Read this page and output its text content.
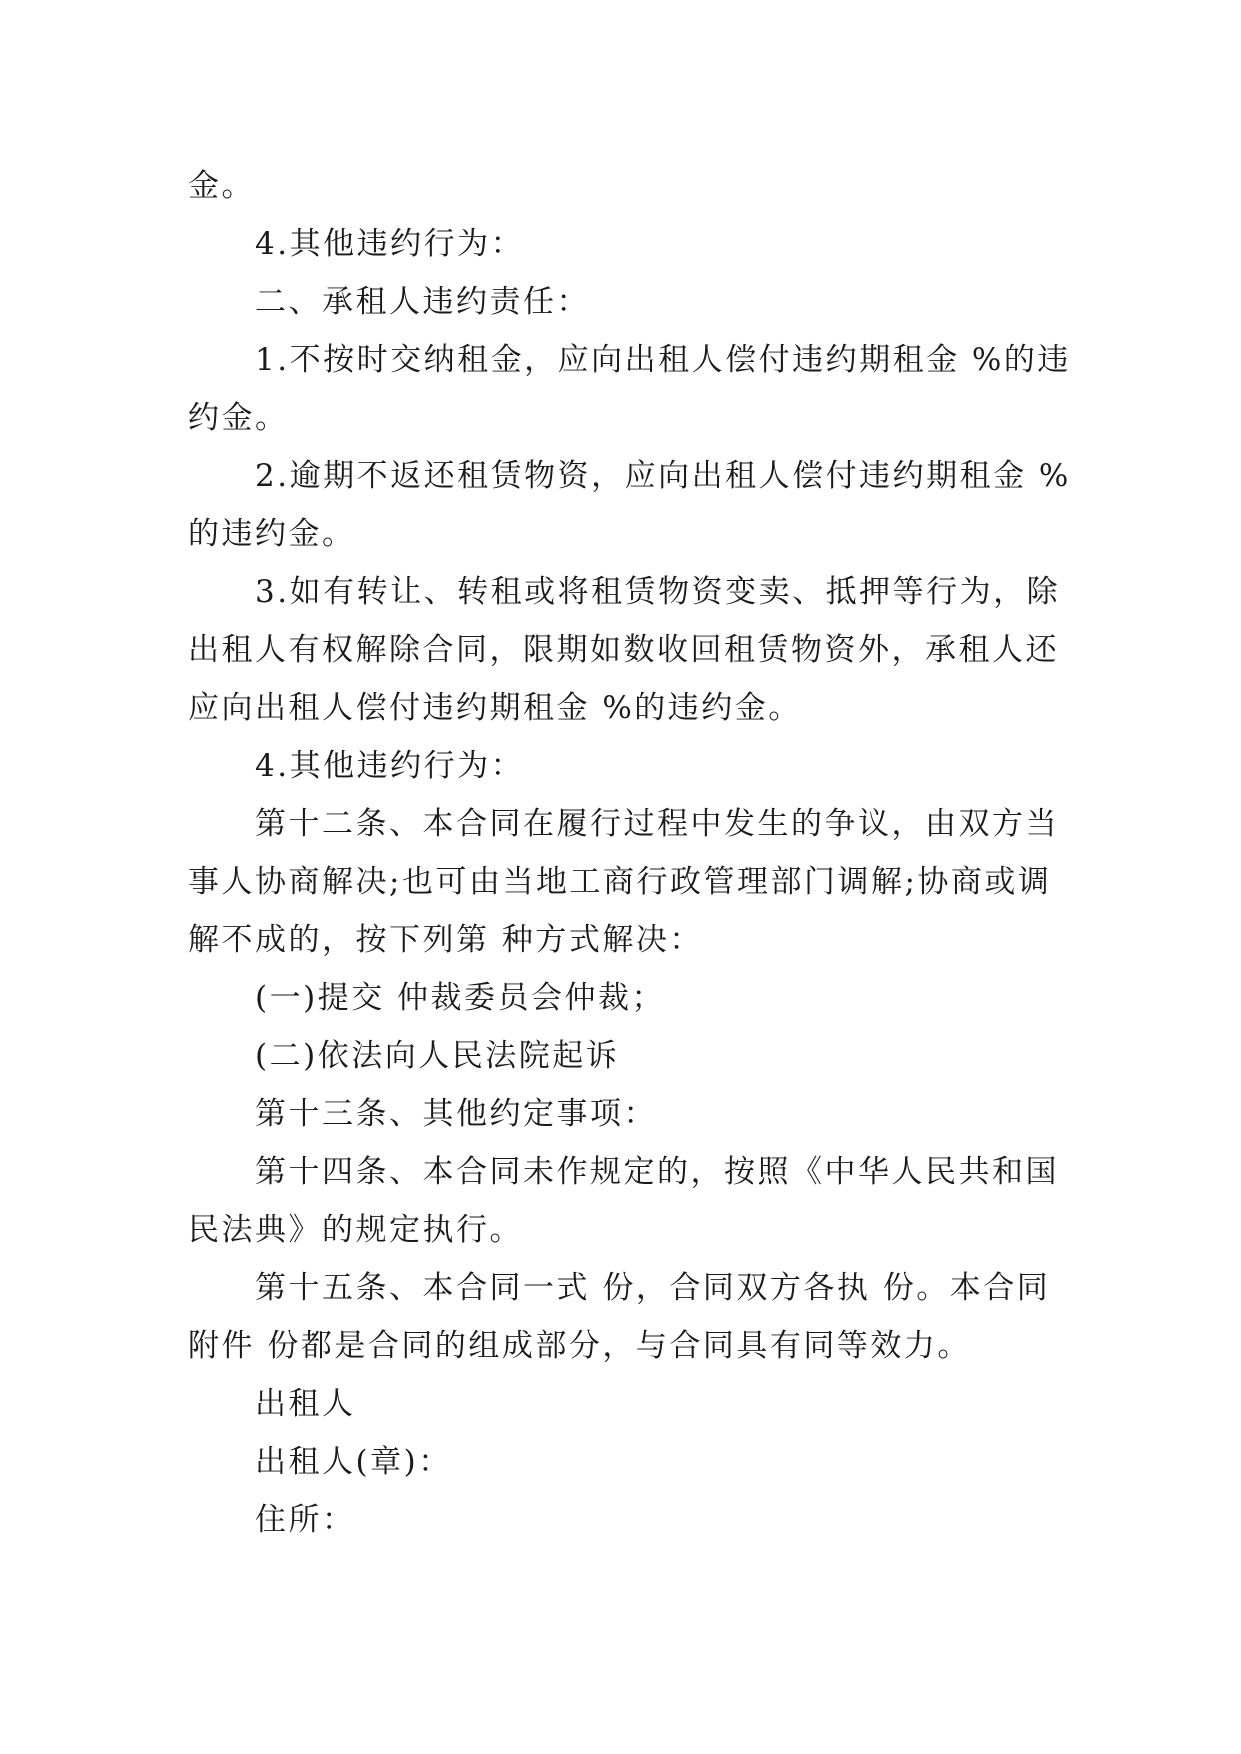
金。
4.其他违约行为：
二、承租人违约责任：
1.不按时交纳租金，应向出租人偿付违约期租金 %的违
约金。
2.逾期不返还租赁物资，应向出租人偿付违约期租金 %
的违约金。
3.如有转让、转租或将租赁物资变卖、抵押等行为，除
出租人有权解除合同，限期如数收回租赁物资外，承租人还
应向出租人偿付违约期租金 %的违约金。
4.其他违约行为：
第十二条、本合同在履行过程中发生的争议，由双方当
事人协商解决;也可由当地工商行政管理部门调解;协商或调
解不成的，按下列第 种方式解决：
(一)提交 仲裁委员会仲裁；
(二)依法向人民法院起诉
第十三条、其他约定事项：
第十四条、本合同未作规定的，按照《中华人民共和国
民法典》的规定执行。
第十五条、本合同一式 份，合同双方各执 份。本合同
附件 份都是合同的组成部分，与合同具有同等效力。
出租人
出租人(章)：
住所：
